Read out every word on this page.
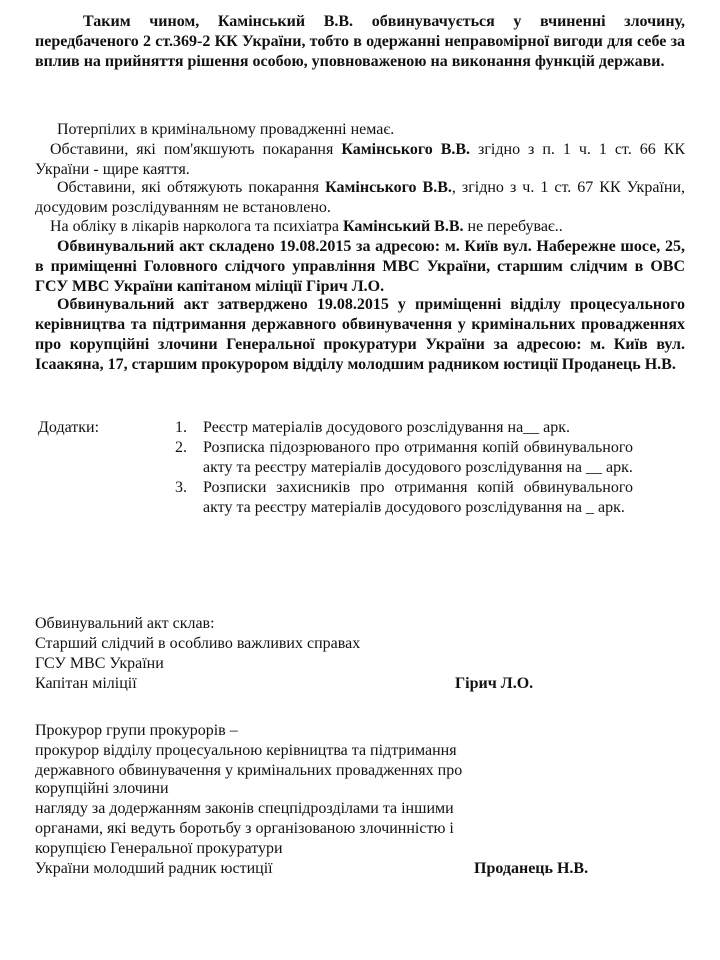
Таким чином, Камінський В.В. обвинувачується у вчиненні злочину, передбаченого 2 ст.369-2 КК України, тобто в одержанні неправомірної вигоди для себе за вплив на прийняття рішення особою, уповноваженою на виконання функцій держави.

Потерпілих в кримінальному провадженні немає.

Обставини, які пом'якшують покарання Камінського В.В. згідно з п. 1 ч. 1 ст. 66 КК України - щире каяття.

Обставини, які обтяжують покарання Камінського В.В., згідно з ч. 1 ст. 67 КК України, досудовим розслідуванням не встановлено.

На обліку в лікарів нарколога та психіатра Камінський В.В. не перебуває..

Обвинувальний акт складено 19.08.2015 за адресою: м. Київ вул. Набережне шосе, 25, в приміщенні Головного слідчого управління МВС України, старшим слідчим в ОВС ГСУ МВС України капітаном міліції Гірич Л.О.

Обвинувальний акт затверджено 19.08.2015 у приміщенні відділу процесуального керівництва та підтримання державного обвинувачення у кримінальних провадженнях про корупційні злочини Генеральної прокуратури України за адресою: м. Київ вул. Ісаакяна, 17, старшим прокурором відділу молодшим радником юстиції Проданець Н.В.

Додатки:	1. Реєстр матеріалів досудового розслідування на__ арк.
2. Розписка підозрюваного про отримання копій обвинувального акту та реєстру матеріалів досудового розслідування на __ арк.
3. Розписки захисників про отримання копій обвинувального акту та реєстру матеріалів досудового розслідування на _ арк.

Обвинувальний акт склав:

Старший слідчий в особливо важливих справах

ГСУ МВС України

Капітан міліції	Гірич Л.О.

Прокурор групи прокурорів –

прокурор відділу процесуальною керівництва та підтримання

державного обвинувачення у кримінальних провадженнях про

корупційні злочини

нагляду за додержанням законів спецпідрозділами та іншими

органами, які ведуть боротьбу з організованою злочинністю і

корупцією Генеральної прокуратури

України молодший радник юстиції	Проданець Н.В.
